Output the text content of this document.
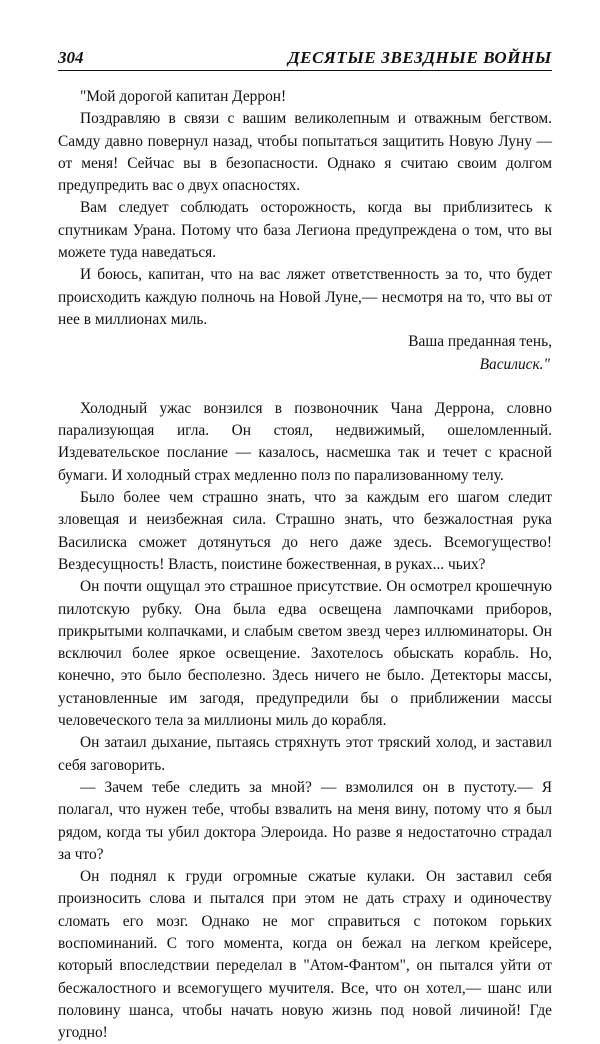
304	ДЕСЯТЫЕ ЗВЕЗДНЫЕ ВОЙНЫ

"Мой дорогой капитан Деррон!

Поздравляю в связи с вашим великолепным и отважным бегством. Самду давно повернул назад, чтобы попытаться защитить Новую Луну — от меня! Сейчас вы в безопасности. Однако я считаю своим долгом предупредить вас о двух опасностях.

Вам следует соблюдать осторожность, когда вы приблизитесь к спутникам Урана. Потому что база Легиона предупреждена о том, что вы можете туда наведаться.

И боюсь, капитан, что на вас ляжет ответственность за то, что будет происходить каждую полночь на Новой Луне,— несмотря на то, что вы от нее в миллионах миль.

Ваша преданная тень,

Василиск."

Холодный ужас вонзился в позвоночник Чана Деррона, словно парализующая игла. Он стоял, недвижимый, ошеломленный. Издевательское послание — казалось, насмешка так и течет с красной бумаги. И холодный страх медленно полз по парализованному телу.

Было более чем страшно знать, что за каждым его шагом следит зловещая и неизбежная сила. Страшно знать, что безжалостная рука Василиска сможет дотянуться до него даже здесь. Всемогущество! Вездесущность! Власть, поистине божественная, в руках... чьих?

Он почти ощущал это страшное присутствие. Он осмотрел крошечную пилотскую рубку. Она была едва освещена лампочками приборов, прикрытыми колпачками, и слабым светом звезд через иллюминаторы. Он всключил более яркое освещение. Захотелось обыскать корабль. Но, конечно, это было бесполезно. Здесь ничего не было. Детекторы массы, установленные им загодя, предупредили бы о приближении массы человеческого тела за миллионы миль до корабля.

Он затаил дыхание, пытаясь стряхнуть этот тряский холод, и заставил себя заговорить.

— Зачем тебе следить за мной? — взмолился он в пустоту.— Я полагал, что нужен тебе, чтобы взвалить на меня вину, потому что я был рядом, когда ты убил доктора Элероида. Но разве я недостаточно страдал за что?

Он поднял к груди огромные сжатые кулаки. Он заставил себя произносить слова и пытался при этом не дать страху и одиночеству сломать его мозг. Однако не мог справиться с потоком горьких воспоминаний. С того момента, когда он бежал на легком крейсере, который впоследствии переделал в "Атом-Фантом", он пытался уйти от бесжалостного и всемогущего мучителя. Все, что он хотел,— шанс или половину шанса, чтобы начать новую жизнь под новой личиной! Где угодно!
